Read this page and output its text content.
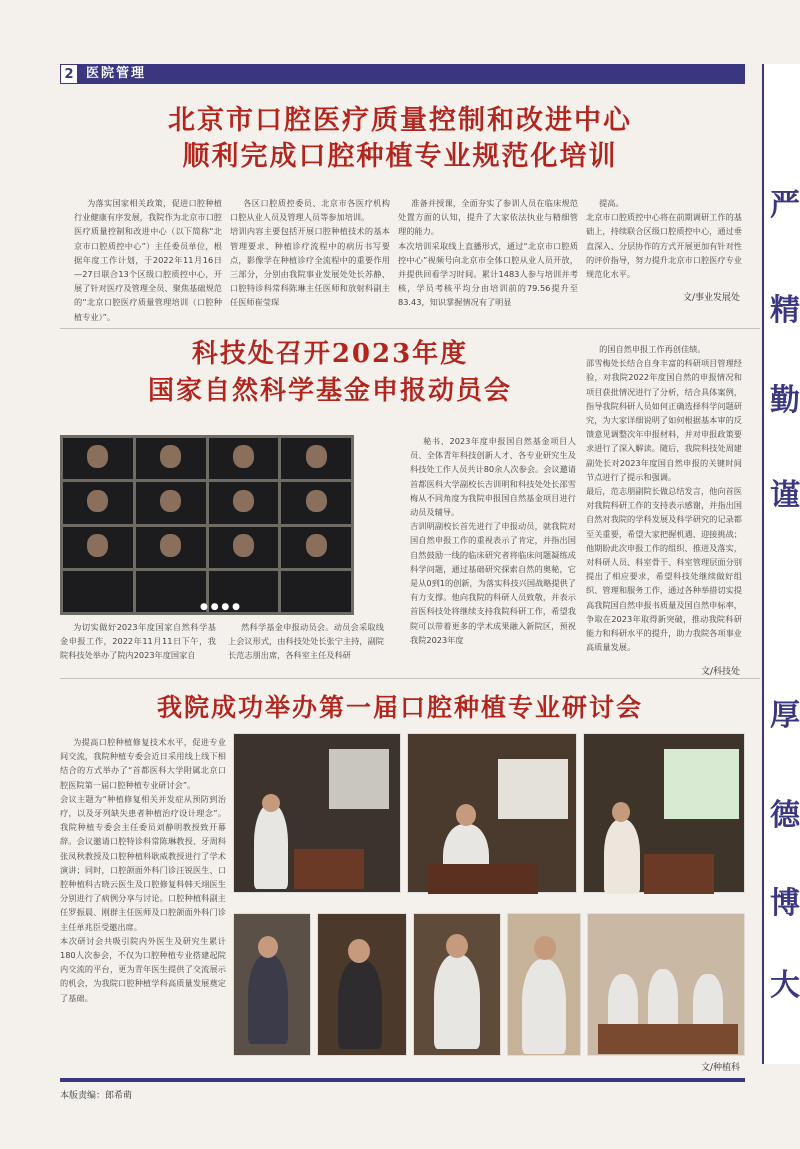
2 医院管理
严
精
勤
谨
厚
德
博
大
北京市口腔医疗质量控制和改进中心
顺利完成口腔种植专业规范化培训
为落实国家相关政策，促进口腔种植行业健康有序发展，我院作为北京市口腔医疗质量控制和改进中心（以下简称“北京市口腔质控中心”）主任委员单位，根据年度工作计划，于2022年11月16日—27日联合13个区级口腔质控中心，开展了针对医疗及管理全员、聚焦基础规范的“北京口腔医疗质量管理培训（口腔种植专业）”。
各区口腔质控委员、北京市各医疗机构口腔从业人员及管理人员等参加培训。
培训内容主要包括开展口腔种植技术的基本管理要求、种植诊疗流程中的病历书写要点，影像学在种植诊疗全流程中的重要作用三部分，分别由我院事业发展处处长苏静、口腔特诊科常科陈琳主任医师和放射科副主任医师崔莹琛
准备并授课，全面夯实了参训人员在临床规范处置方面的认知，提升了大家依法执业与精细管理的能力。
本次培训采取线上直播形式，通过“北京市口腔质控中心”视频号向北京市全体口腔从业人员开放，并提供回看学习时间。累计1483人参与培训并考核，学员考核平均分由培训前的79.56提升至83.43，知识掌握情况有了明显
提高。
北京市口腔质控中心将在前期调研工作的基础上，持续联合区级口腔质控中心，通过垂直深入、分层协作的方式开展更加有针对性的评价指导，努力提升北京市口腔医疗专业规范化水平。
文/事业发展处
科技处召开2023年度
国家自然科学基金申报动员会
● ● ● ●
为切实做好2023年度国家自然科学基金申报工作，2022年11月11日下午，我院科技处举办了院内2023年度国家自
然科学基金申报动员会。动员会采取线上会议形式，由科技处处长张宁主持，副院长范志朋出席，各科室主任及科研
秘书、2023年度申报国自然基金项目人员、全体青年科技创新人才、各专业研究生及科技处工作人员共计80余人次参会。会议邀请首都医科大学副校长吉训明和科技处处长邵雪梅从不同角度为我院申报国自然基金项目进行动员及辅导。
吉训明副校长首先进行了申报动员，就我院对国自然申报工作的重视表示了肯定，并指出国自然鼓励一线的临床研究者将临床问题凝练成科学问题，通过基础研究探索自然的奥秘，它是从0到1的创新，为落实科技兴国战略提供了有力支撑。他向我院的科研人员致敬，并表示首医科技处将继续支持我院科研工作，希望我院可以带着更多的学术成果融入新院区，预祝我院2023年度
的国自然申报工作再创佳绩。
邵雪梅处长结合自身丰富的科研项目管理经验，对我院2022年度国自然的申报情况和项目获批情况进行了分析，结合具体案例，指导我院科研人员如何正确选择科学问题研究，为大家详细说明了如何根据基本审的反馈意见调整次年申报材料，并对申报政策要求进行了深入解读。随后，我院科技处周建副处长对2023年度国自然申报的关键时间节点进行了提示和强调。
最后，范志朋副院长做总结发言，他向首医对我院科研工作的支持表示感谢，并指出国自然对我院的学科发展及科学研究的记录都至关重要，希望大家把握机遇、迎接挑战；他期盼此次申报工作的组织、推进及落实，对科研人员、科室骨干、科室管理层面分别提出了相应要求，希望科技处继续做好组织、管理和服务工作，通过各种举措切实提高我院国自然申报书质量及国自然申标率，争取在2023年取得新突破，推动我院科研能力和科研水平的提升，助力我院各项事业高质量发展。
文/科技处
我院成功举办第一届口腔种植专业研讨会
为提高口腔种植修复技术水平，促进专业间交流，我院种植专委会近日采用线上线下相结合的方式举办了“首都医科大学附属北京口腔医院第一届口腔种植专业研讨会”。
会议主题为“种植修复相关并发症从预防到治疗，以及牙列缺失患者种植治疗设计理念”。我院种植专委会主任委员刘静明教授致开幕辞。会议邀请口腔特诊科常陈琳教授、牙周科张凤秋教授及口腔种植科耿威教授进行了学术演讲；同时，口腔颌面外科门诊汪锐医生、口腔种植科古晓云医生及口腔修复科韩天翊医生分别进行了病例分享与讨论。口腔种植科副主任罗振晨、刚群主任医师及口腔颌面外科门诊主任单兆臣受邀出席。
本次研讨会共吸引院内外医生及研究生累计180人次参会，不仅为口腔种植专业搭建起院内交流的平台，更为青年医生提供了交流展示的机会，为我院口腔种植学科高质量发展奠定了基础。
文/种植科
本版责编：郎希萌
